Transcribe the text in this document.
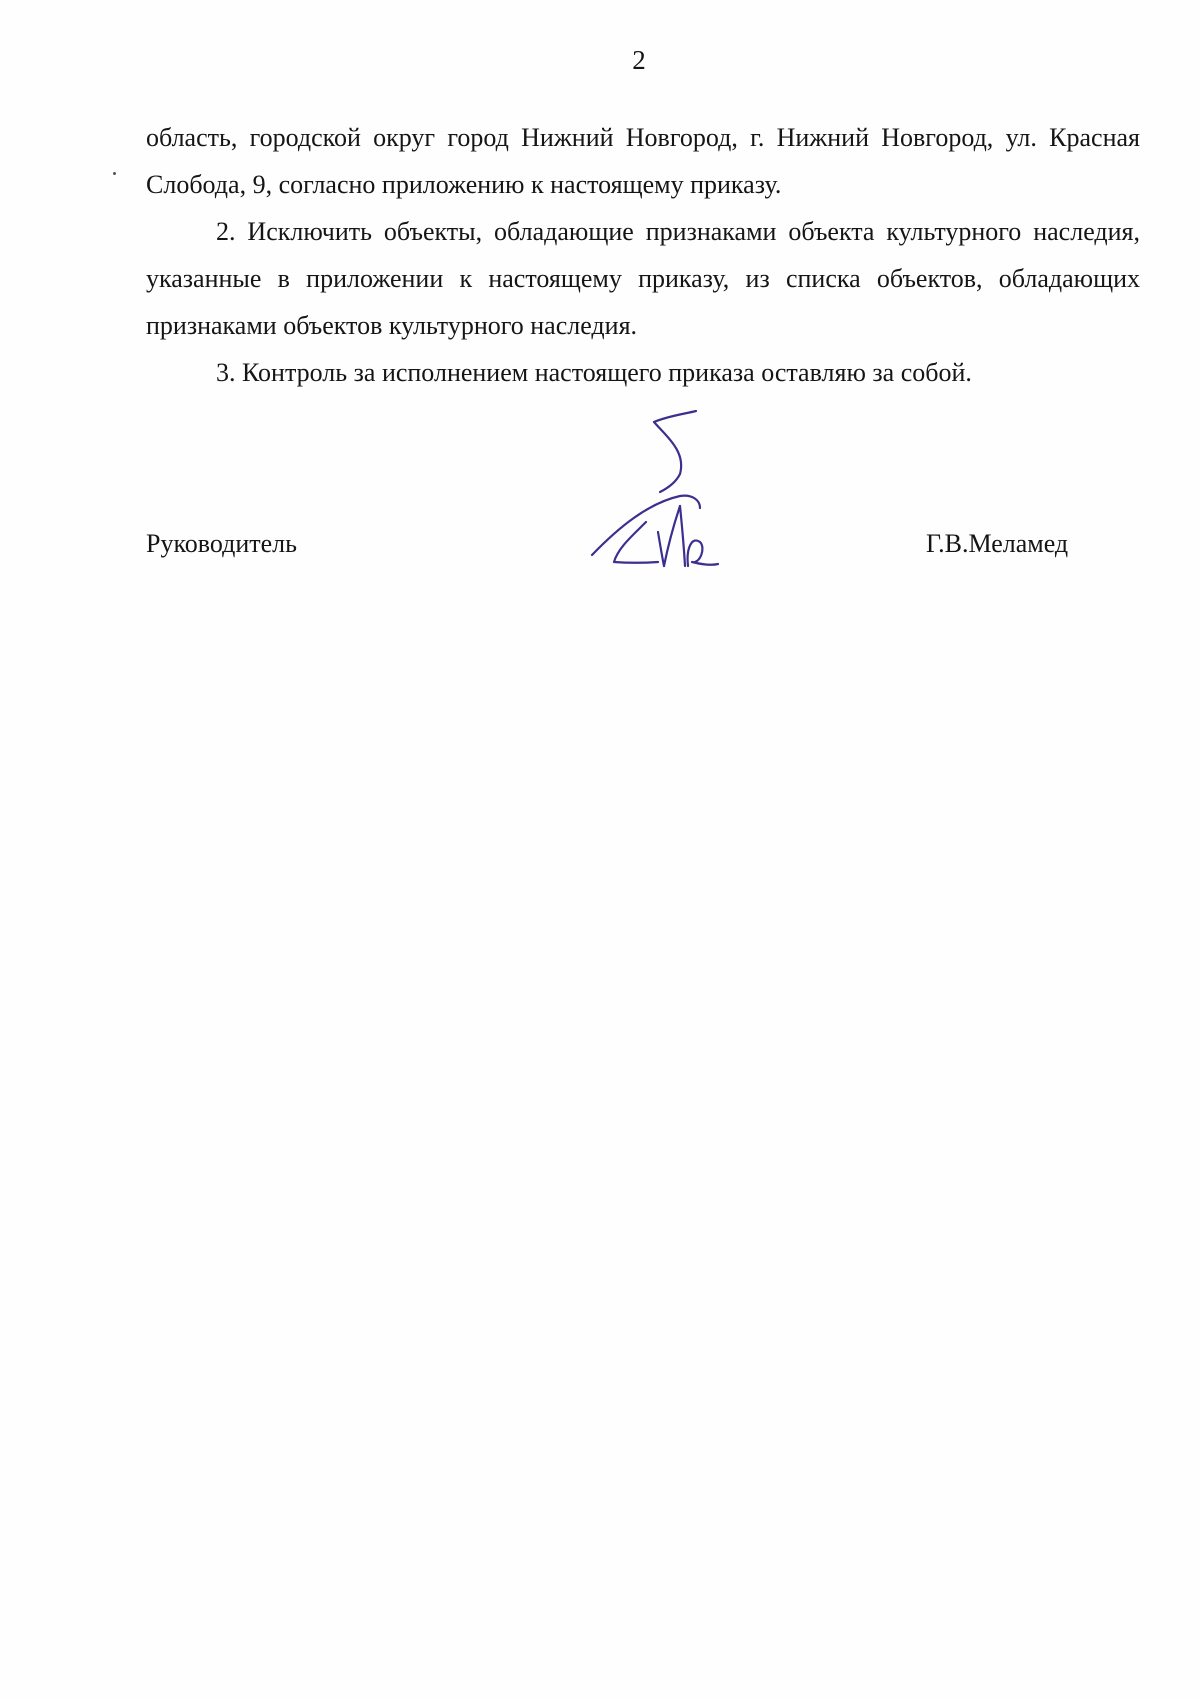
2

область, городской округ город Нижний Новгород, г. Нижний Новгород, ул. Красная Слобода, 9, согласно приложению к настоящему приказу.

2. Исключить объекты, обладающие признаками объекта культурного наследия, указанные в приложении к настоящему приказу, из списка объектов, обладающих признаками объектов культурного наследия.

3. Контроль за исполнением настоящего приказа оставляю за собой.

Руководитель	Г.В.Меламед
